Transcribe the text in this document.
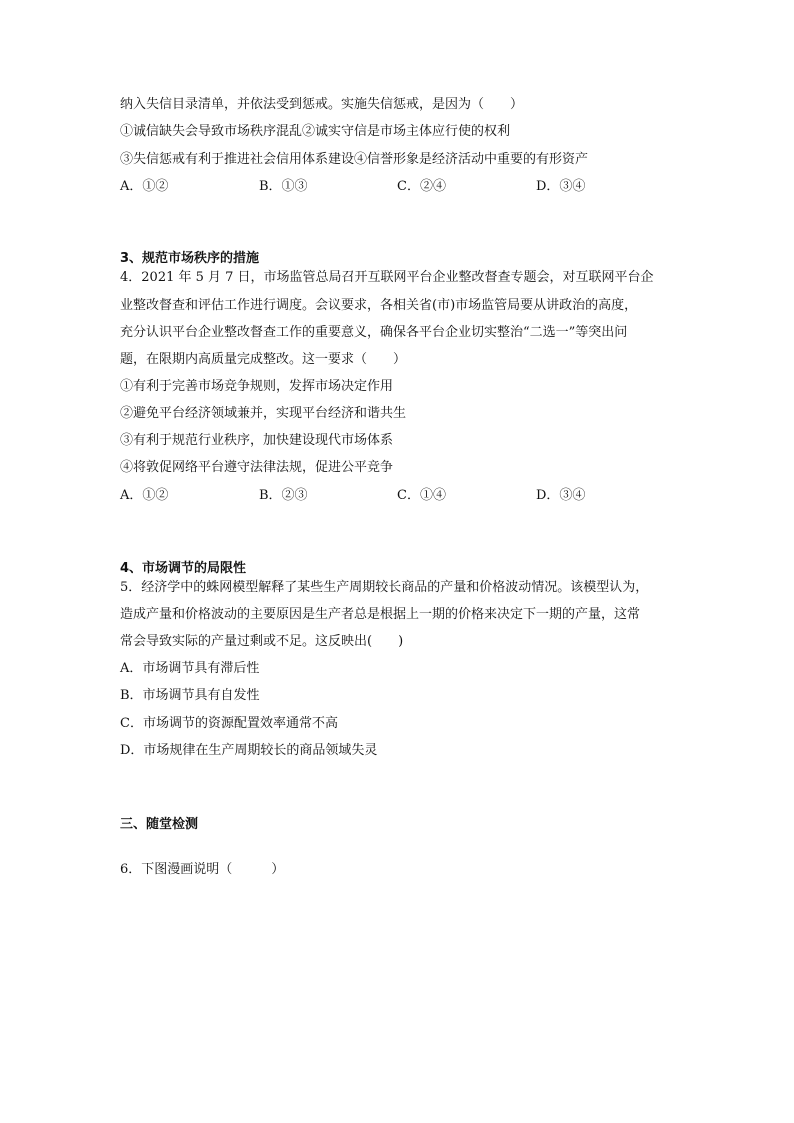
纳入失信目录清单，并依法受到惩戒。实施失信惩戒，是因为（　　）
①诚信缺失会导致市场秩序混乱②诚实守信是市场主体应行使的权利
③失信惩戒有利于推进社会信用体系建设④信誉形象是经济活动中重要的有形资产
A．①②	B．①③	C．②④	D．③④
3、规范市场秩序的措施
4．2021 年 5 月 7 日，市场监管总局召开互联网平台企业整改督查专题会，对互联网平台企
业整改督查和评估工作进行调度。会议要求，各相关省(市)市场监管局要从讲政治的高度，
充分认识平台企业整改督查工作的重要意义，确保各平台企业切实整治“二选一”等突出问
题，在限期内高质量完成整改。这一要求（　　）
①有利于完善市场竞争规则，发挥市场决定作用
②避免平台经济领域兼并，实现平台经济和谐共生
③有利于规范行业秩序，加快建设现代市场体系
④将敦促网络平台遵守法律法规，促进公平竞争
A．①②	B．②③	C．①④	D．③④
4、市场调节的局限性
5．经济学中的蛛网模型解释了某些生产周期较长商品的产量和价格波动情况。该模型认为，
造成产量和价格波动的主要原因是生产者总是根据上一期的价格来决定下一期的产量，这常
常会导致实际的产量过剩或不足。这反映出(　　)
A．市场调节具有滞后性
B．市场调节具有自发性
C．市场调节的资源配置效率通常不高
D．市场规律在生产周期较长的商品领域失灵
三、随堂检测
6．下图漫画说明（　　　）
